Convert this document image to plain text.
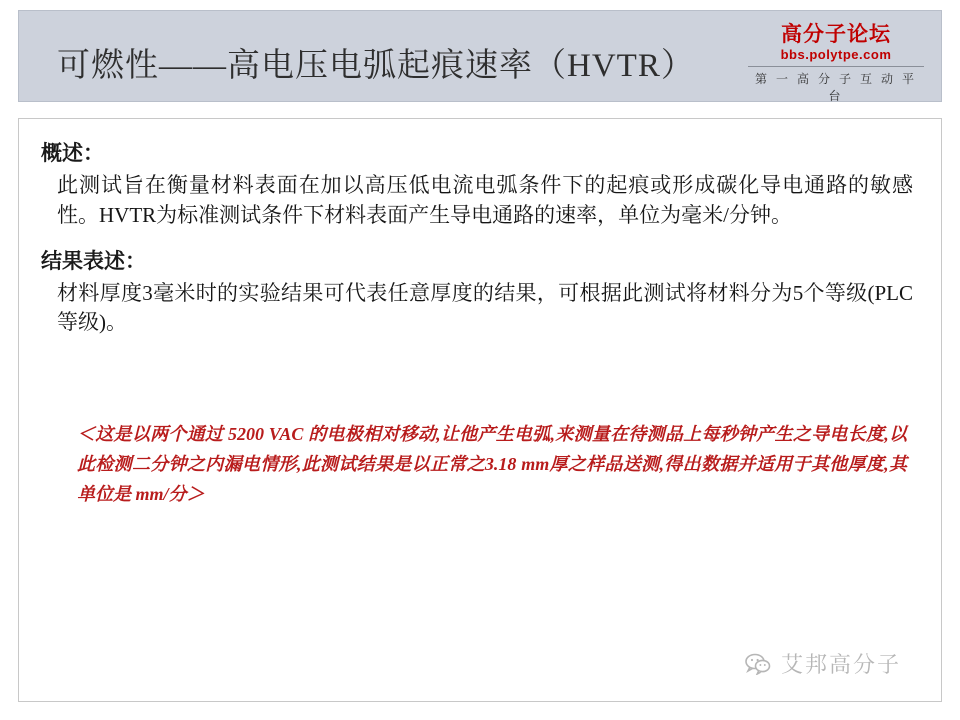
可燃性——高电压电弧起痕速率（HVTR）
高分子论坛
bbs.polytpe.com
第 一 高 分 子 互 动 平 台
概述：
此测试旨在衡量材料表面在加以高压低电流电弧条件下的起痕或形成碳化导电通路的敏感性。HVTR为标准测试条件下材料表面产生导电通路的速率，单位为毫米/分钟。
结果表述：
材料厚度3毫米时的实验结果可代表任意厚度的结果，可根据此测试将材料分为5个等级(PLC等级)。
＜这是以两个通过 5200 VAC 的电极相对移动,让他产生电弧,来测量在待测品上每秒钟产生之导电长度,以此检测二分钟之内漏电情形,此测试结果是以正常之3.18 mm厚之样品送测,得出数据并适用于其他厚度,其单位是 mm/分＞
艾邦高分子
